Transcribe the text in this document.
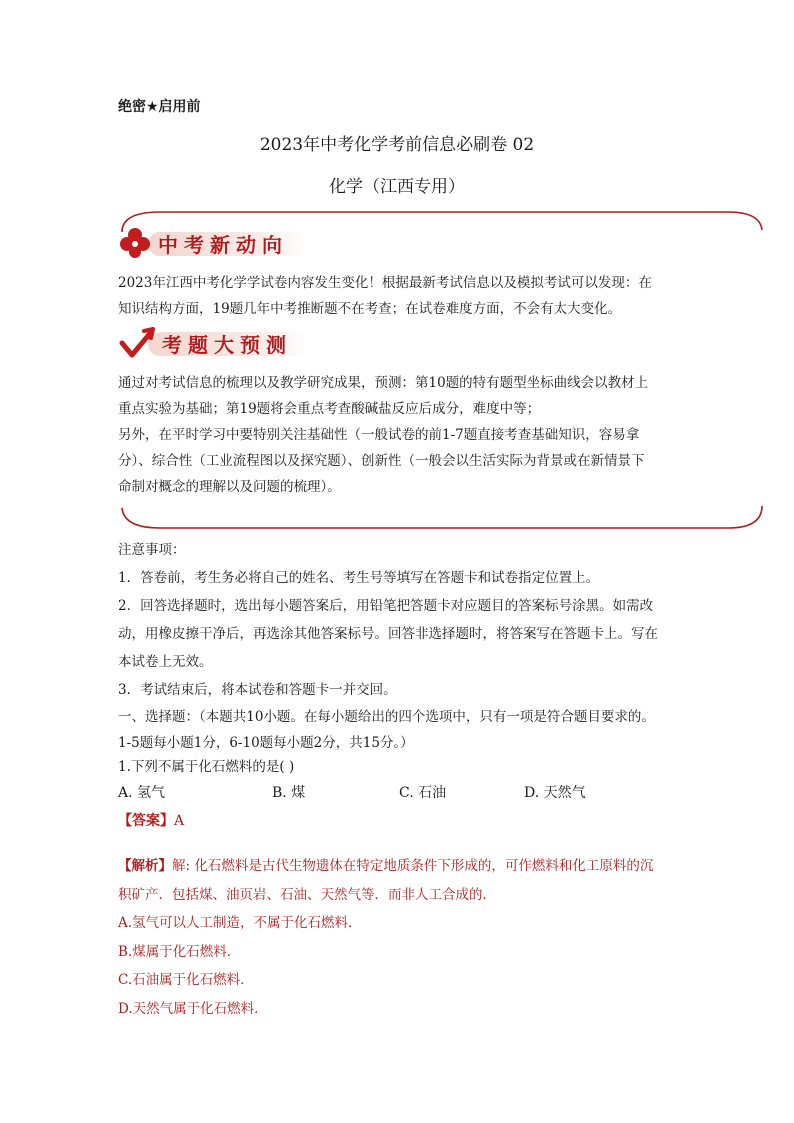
绝密★启用前
2023年中考化学考前信息必刷卷 02
化学（江西专用）
中考新动向
2023年江西中考化学学试卷内容发生变化！根据最新考试信息以及模拟考试可以发现：在
知识结构方面，19题几年中考推断题不在考查；在试卷难度方面，不会有太大变化。
考题大预测
通过对考试信息的梳理以及教学研究成果，预测：第10题的特有题型坐标曲线会以教材上
重点实验为基础；第19题将会重点考查酸碱盐反应后成分，难度中等；
另外，在平时学习中要特别关注基础性（一般试卷的前1-7题直接考查基础知识，容易拿
分）、综合性（工业流程图以及探究题）、创新性（一般会以生活实际为背景或在新情景下
命制对概念的理解以及问题的梳理）。
注意事项：
1．答卷前，考生务必将自己的姓名、考生号等填写在答题卡和试卷指定位置上。
2．回答选择题时，选出每小题答案后，用铅笔把答题卡对应题目的答案标号涂黑。如需改
动，用橡皮擦干净后，再选涂其他答案标号。回答非选择题时，将答案写在答题卡上。写在
本试卷上无效。
3．考试结束后，将本试卷和答题卡一并交回。
一、选择题：（本题共10小题。在每小题给出的四个选项中，只有一项是符合题目要求的。
1-5题每小题1分，6-10题每小题2分，共15分。）
1.下列不属于化石燃料的是( )
A. 氢气	B. 煤	C. 石油	D. 天然气
【答案】A
【解析】解: 化石燃料是古代生物遗体在特定地质条件下形成的，可作燃料和化工原料的沉
积矿产．包括煤、油页岩、石油、天然气等．而非人工合成的．
A.氢气可以人工制造，不属于化石燃料．
B.煤属于化石燃料．
C.石油属于化石燃料．
D.天然气属于化石燃料．
